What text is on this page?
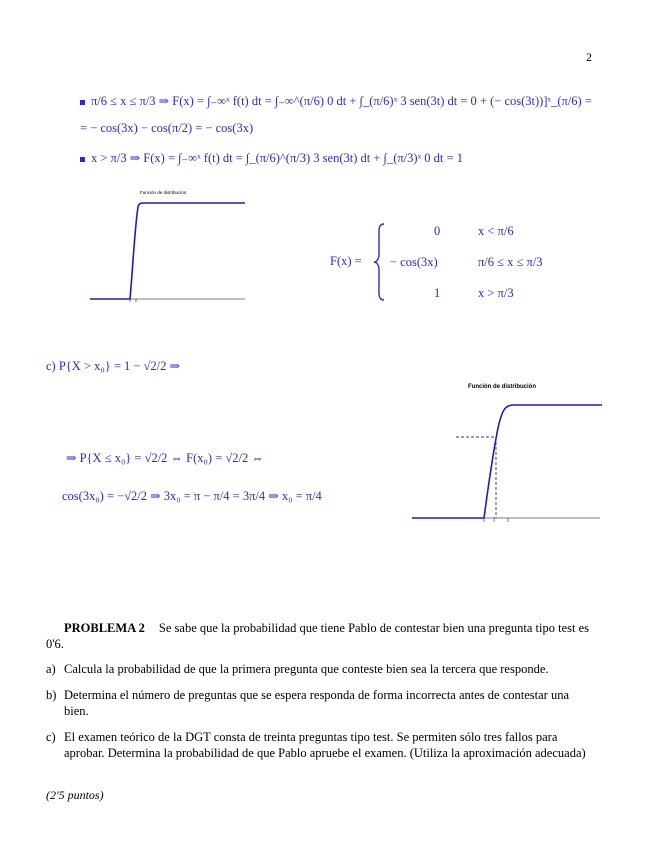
2
π/6 ≤ x ≤ π/3 ⇒ F(x) = ∫₋∞ˣ f(t) dt = ∫₋∞^(π/6) 0 dt + ∫_(π/6)ˣ 3 sen(3t) dt = 0 + (− cos(3t))]ˣ_(π/6) =
= − cos(3x) − cos(π/2) = − cos(3x)
x > π/3 ⇒ F(x) = ∫₋∞ˣ f(t) dt = ∫_(π/6)^(π/3) 3 sen(3t) dt + ∫_(π/3)ˣ 0 dt = 1
Función de distribución
F(x) =
0	x < π/6
− cos(3x)	π/6 ≤ x ≤ π/3
1	x > π/3
c) P{X > x₀} = 1 − √2/2 ⇒
⇒ P{X ≤ x₀} = √2/2 ⇔ F(x₀) = √2/2 ⇔
cos(3x₀) = −√2/2 ⇒ 3x₀ = π − π/4 = 3π/4 ⇒ x₀ = π/4
Función de distribución
PROBLEMA 2 Se sabe que la probabilidad que tiene Pablo de contestar bien una pregunta tipo test es 0'6.
a) Calcula la probabilidad de que la primera pregunta que conteste bien sea la tercera que responde.
b) Determina el número de preguntas que se espera responda de forma incorrecta antes de contestar una bien.
c) El examen teórico de la DGT consta de treinta preguntas tipo test. Se permiten sólo tres fallos para aprobar. Determina la probabilidad de que Pablo apruebe el examen. (Utiliza la aproximación adecuada)
(2'5 puntos)
